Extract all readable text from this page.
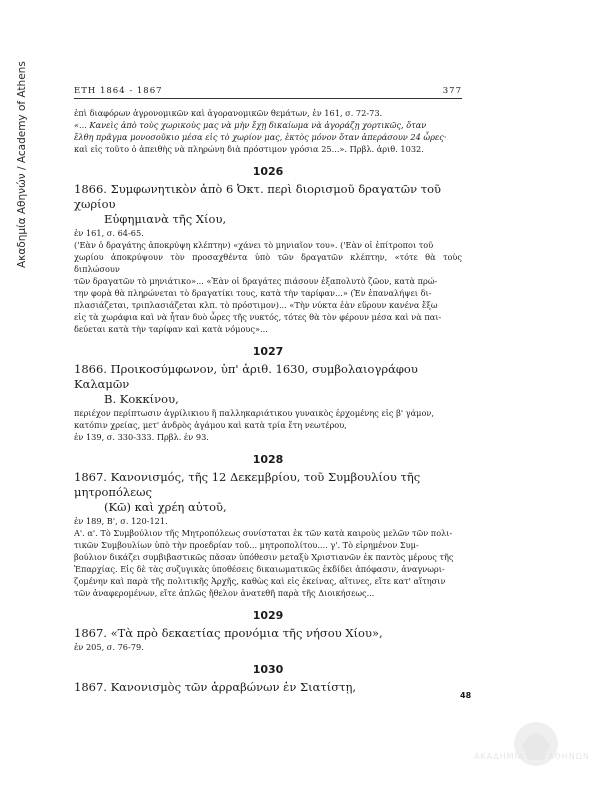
Ακαδημία Αθηνών / Academy of Athens	ΕΤΗ 1864 - 1867	377

ἐπὶ διαφόρων ἀγρονομικῶν καὶ ἀγορανομικῶν θεμάτων, ἐν 161, σ. 72-73.

«... Κανεὶς ἀπὸ τοὺς χωρικοὺς μας νὰ μὴν ἔχῃ δικαίωμα νὰ ἀγοράζῃ χορτικῶς, ὅταν

ἔλθη πρᾶγμα μονοσοῦκιο μέσα εἰς τὸ χωρίον μας, ἐκτὸς μόνον ὅταν ἀπεράσουν 24 ὧρες·

καὶ εἰς τοῦτο ὁ ἀπειθὴς νὰ πληρώνη διὰ πρόστιμον γρόσια 25...». Πρβλ. ἀριθ. 1032.

1026
1866. Συμφωνητικὸν ἀπὸ 6 Ὀκτ. περὶ διορισμοῦ δραγατῶν τοῦ χωρίου
Εὐφημιανὰ τῆς Χίου,
ἐν 161, σ. 64-65.

('Εὰν ὁ δραγάτης ἀποκρύψη κλέπτην) «χάνει τὸ μηνιαῖον του». ('Εὰν οἱ ἐπίτροποι τοῦ

χωρίου ἀποκρύψουν τὸν προσαχθέντα ὑπὸ τῶν δραγατῶν κλέπτην, «τότε θὰ τοὺς διπλώσουν

τῶν δραγατῶν τὸ μηνιάτικο»... «Ἐὰν οἱ δραγάτες πιάσουν ἐξαπολυτὸ ζῶον, κατὰ πρώ-

την φορὰ θὰ πληρώνεται τὸ δραγατίκι τους, κατὰ τὴν ταρίφαν...» (Ἐν ἐπαναλήψει δι-

πλασιάζεται, τριπλασιάζεται κλπ. τὸ πρόστιμον)... «Τὴν νύκτα ἐὰν εὕρουν κανένα ἔξω

εἰς τὰ χωράφια καὶ νὰ ἦταν δυὸ ὧρες τῆς νυκτός, τότες θὰ τὸν φέρουν μέσα καὶ νὰ παι-

δεύεται κατὰ τὴν ταρίφαν καὶ κατὰ νόμους»...

1027
1866. Προικοσύμφωνον, ὑπ' ἀριθ. 1630, συμβολαιογράφου Καλαμῶν
Β. Κοκκίνου,

περιέχον περίπτωσιν ἀγρίλικιου ἢ παλληκαριάτικου γυναικὸς ἐρχομένης εἰς β' γάμον,

κατόπιν χρείας, μετ' ἀνδρὸς ἀγάμου καὶ κατὰ τρία ἔτη νεωτέρου,

ἐν 139, σ. 330-333. Πρβλ. ἐν 93.

1028
1867. Κανονισμός, τῆς 12 Δεκεμβρίου, τοῦ Συμβουλίου τῆς μητροπόλεως
(Κῶ) καὶ χρέη αὐτοῦ,
ἐν 189, Β', σ. 120-121.

Α'. α'. Τὸ Συμβούλιον τῆς Μητροπόλεως συνίσταται ἐκ τῶν κατὰ καιροὺς μελῶν τῶν πολι-

τικῶν Συμβουλίων ὑπὸ τὴν προεδρίαν τοῦ... μητροπολίτου.... γ'. Τὸ εἰρημένον Συμ-

βούλιον δικάζει συμβιβαστικῶς πᾶσαν ὑπόθεσιν μεταξὺ Χριστιανῶν ἐκ παντὸς μέρους τῆς

Ἐπαρχίας. Εἰς δὲ τὰς συζυγικὰς ὑποθέσεις δικαιωματικῶς ἐκδίδει ἀπόφασιν, ἀναγνωρι-

ζομένην καὶ παρὰ τῆς πολιτικῆς Ἀρχῆς, καθὼς καὶ εἰς ἐκείνας, αἵτινες, εἴτε κατ' αἴτησιν

τῶν ἀναφερομένων, εἴτε ἁπλῶς ἤθελον ἀνατεθῆ παρὰ τῆς Διοικήσεως...

1029
1867. «Τὰ πρὸ δεκαετίας προνόμια τῆς νήσου Χίου»,
ἐν 205, σ. 76-79.
1030
1867. Κανονισμὸς τῶν ἀρραβώνων ἐν Σιατίστῃ,
48
ΑΚΑΔΗΜΙΑ	ΑΘΗΝΩΝ
